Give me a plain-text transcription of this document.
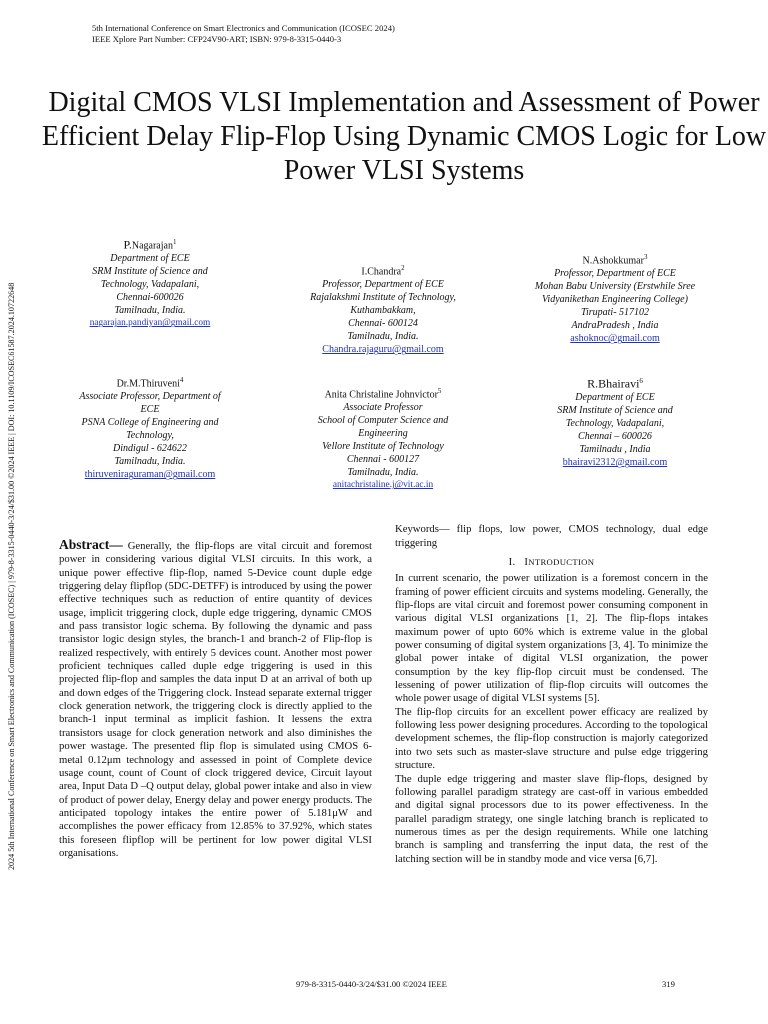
5th International Conference on Smart Electronics and Communication (ICOSEC 2024)
IEEE Xplore Part Number: CFP24V90-ART; ISBN: 979-8-3315-0440-3
2024 5th International Conference on Smart Electronics and Communication (ICOSEC) | 979-8-3315-0440-3/24/$31.00 ©2024 IEEE | DOI: 10.1109/ICOSEC61587.2024.10722648
Digital CMOS VLSI Implementation and Assessment of Power Efficient Delay Flip-Flop Using Dynamic CMOS Logic for Low Power VLSI Systems
P.Nagarajan$^1$
Department of ECE
SRM Institute of Science and
Technology, Vadapalani,
Chennai-600026
Tamilnadu, India.
nagarajan.pandiyan@gmail.com
I.Chandra$^2$
Professor, Department of ECE
Rajalakshmi Institute of Technology,
Kuthambakkam,
Chennai- 600124
Tamilnadu, India.
Chandra.rajaguru@gmail.com
N.Ashokkumar$^3$
Professor, Department of ECE
Mohan Babu University (Erstwhile Sree
Vidyanikethan Engineering College)
Tirupati- 517102
AndraPradesh , India
ashoknoc@gmail.com
Dr.M.Thiruveni$^4$
Associate Professor, Department of
ECE
PSNA College of Engineering and
Technology,
Dindigul - 624622
Tamilnadu, India.
thiruveniraguraman@gmail.com
Anita Christaline Johnvictor$^5$
Associate Professor
School of Computer Science and
Engineering
Vellore Institute of Technology
Chennai - 600127
Tamilnadu, India.
anitachristaline.j@vit.ac.in
R.Bhairavi$^6$
Department of ECE
SRM Institute of Science and
Technology, Vadapalani,
Chennai – 600026
Tamilnadu , India
bhairavi2312@gmail.com

Abstract— Generally, the flip-flops are vital circuit and foremost power in considering various digital VLSI circuits. In this work, a unique power effective flip-flop, named 5-Device count duple edge triggering delay flipflop (5DC-DETFF) is introduced by using the power effective techniques such as reduction of entire quantity of devices usage, implicit triggering clock, duple edge triggering, dynamic CMOS and pass transistor logic schema. By following the dynamic and pass transistor logic design styles, the branch-1 and branch-2 of Flip-flop is realized respectively, with entirely 5 devices count. Another most power proficient techniques called duple edge triggering is used in this projected flip-flop and samples the data input D at an arrival of both up and down edges of the Triggering clock. Instead separate external trigger clock generation network, the triggering clock is directly applied to the branch-1 input terminal as implicit fashion. It lessens the extra transistors usage for clock generation network and also diminishes the power wastage. The presented flip flop is simulated using CMOS 6-metal 0.12μm technology and assessed in point of Complete device usage count, count of Count of clock triggered device, Circuit layout area, Input Data D –Q output delay, global power intake and also in view of product of power delay, Energy delay and power energy products. The anticipated topology intakes the entire power of 5.181μW and accomplishes the power efficacy from 12.85% to 37.92%, which states this foreseen flipflop will be pertinent for low power digital VLSI organisations.

Keywords— flip flops, low power, CMOS technology, dual edge triggering

I. INTRODUCTION

In current scenario, the power utilization is a foremost concern in the framing of power efficient circuits and systems modeling. Generally, the flip-flops are vital circuit and foremost power consuming component in various digital VLSI organizations [1, 2]. The flip-flops intakes maximum power of upto 60% which is extreme value in the global power consuming of digital system organizations [3, 4]. To minimize the global power intake of digital VLSI organization, the power consumption by the key flip-flop circuit must be condensed. The lessening of power utilization of flip-flop circuits will outcomes the whole power usage of digital VLSI systems [5].

The flip-flop circuits for an excellent power efficacy are realized by following less power designing procedures. According to the topological development schemes, the flip-flop construction is majorly categorized into two sets such as master-slave structure and pulse edge triggering structure.

The duple edge triggering and master slave flip-flops, designed by following parallel paradigm strategy are cast-off in various embedded and digital signal processors due to its power effectiveness. In the parallel paradigm strategy, one single latching branch is replicated to numerous times as per the design requirements. While one latching branch is sampling and transferring the input data, the rest of the latching section will be in standby mode and vice versa [6,7].

979-8-3315-0440-3/24/$31.00 ©2024 IEEE	319
